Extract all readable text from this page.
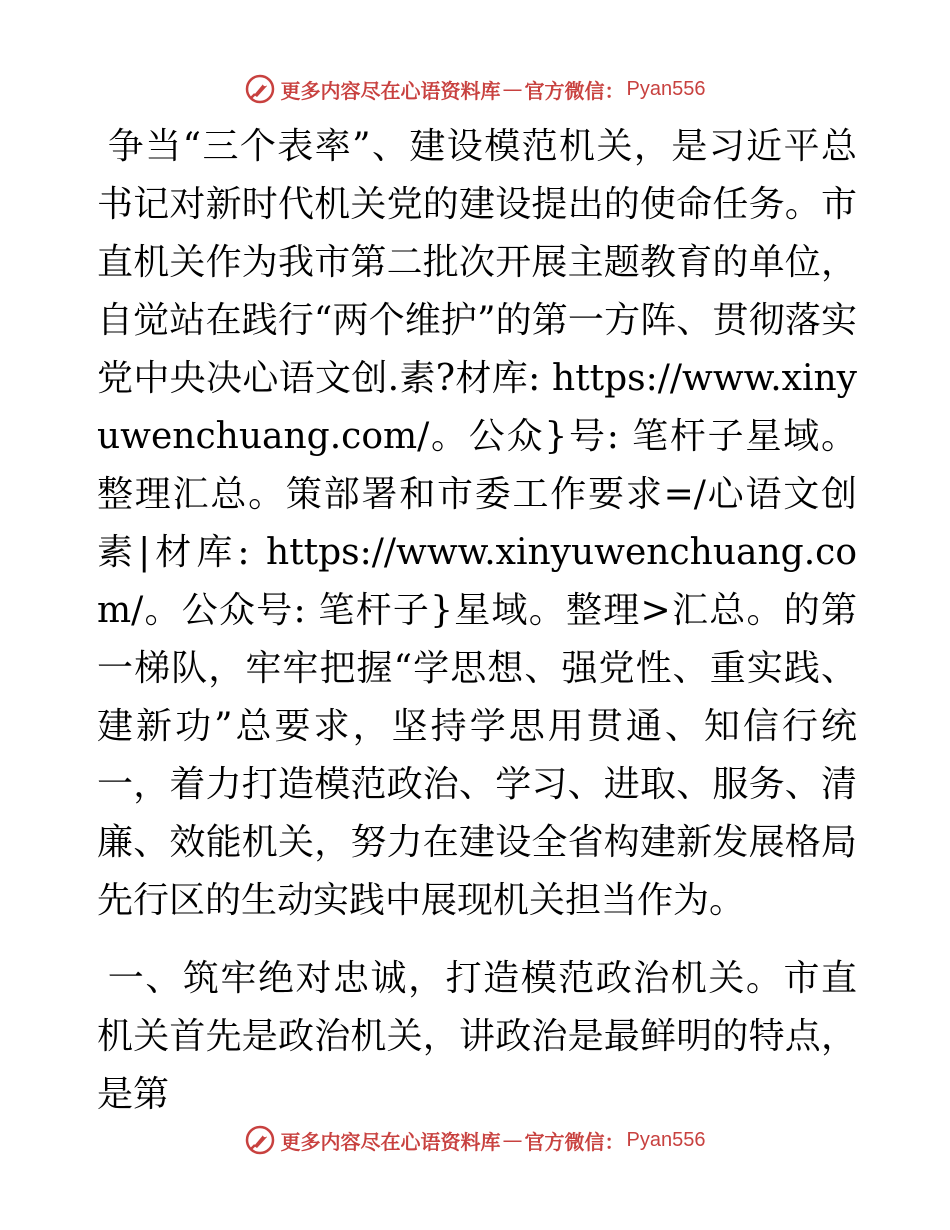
更多内容尽在心语资料库 — 官方微信： Pyan556

争当“三个表率”、建设模范机关，是习近平总书记对新时代机关党的建设提出的使命任务。市直机关作为我市第二批次开展主题教育的单位，自觉站在践行“两个维护”的第一方阵、贯彻落实党中央决心语文创.素?材库: https://www.xinyuwenchuang.com/。公众}号: 笔杆子星域。整理汇总。策部署和市委工作要求=/心语文创素|材库: https://www.xinyuwenchuang.com/。公众号: 笔杆子}星域。整理>汇总。的第一梯队，牢牢把握“学思想、强党性、重实践、建新功”总要求，坚持学思用贯通、知信行统一，着力打造模范政治、学习、进取、服务、清廉、效能机关，努力在建设全省构建新发展格局先行区的生动实践中展现机关担当作为。

一、筑牢绝对忠诚，打造模范政治机关。市直机关首先是政治机关，讲政治是最鲜明的特点，是第

更多内容尽在心语资料库 — 官方微信： Pyan556
